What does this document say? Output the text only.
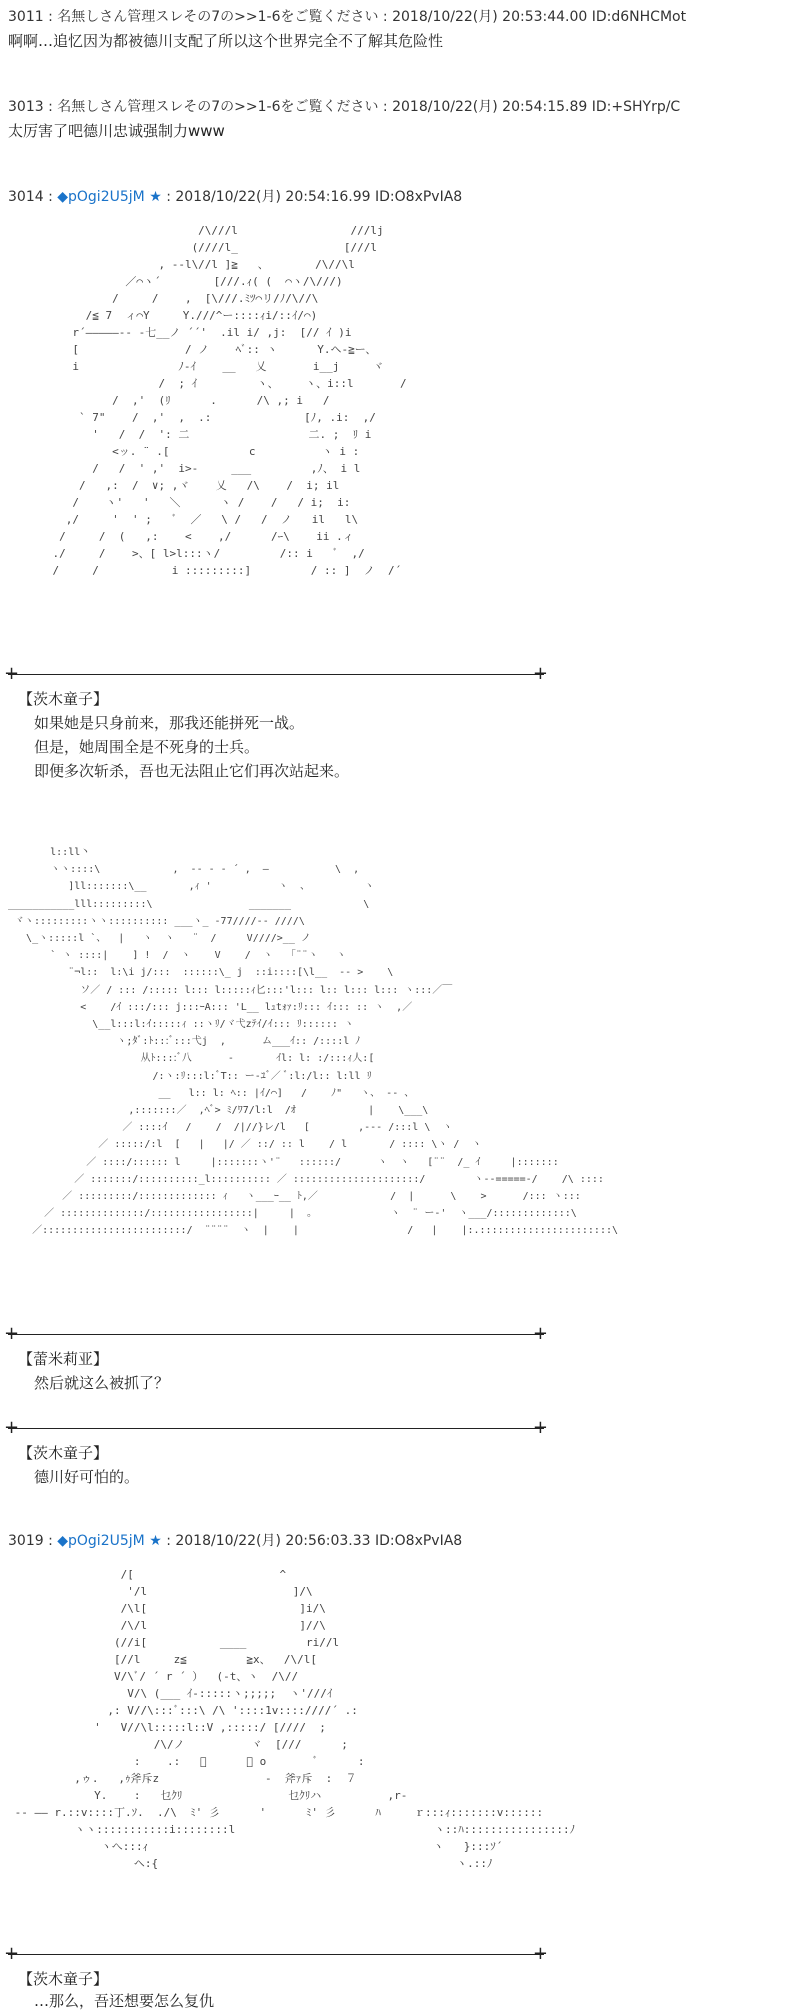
3011 : 名無しさん管理スレその7の>>1-6をご覧ください : 2018/10/22(月) 20:53:44.00 ID:d6NHCMot
啊啊…追忆因为都被德川支配了所以这个世界完全不了解其危险性
3013 : 名無しさん管理スレその7の>>1-6をご覧ください : 2018/10/22(月) 20:54:15.89 ID:+SHYrp/C
太厉害了吧德川忠诚强制力www
3014 : ◆pOgi2U5jM ★ : 2018/10/22(月) 20:54:16.99 ID:O8xPvIA8
/\///l                 ///lj
(////l_                [///l
, --l\//l ]≧   、       /\//\l
／⌒ヽ´        [///.ｨ( (  ⌒ヽ/\///)
/     /    ,  [\///.ﾐﾂ⌒リ/ﾉ/\//\
/≦ 7  ィ⌒Y     Y.///^ー::::ｨi/::ｲ/⌒)
r´―――――‐‐ ‐七__ノ ´´'  .il i/ ,j:  [// ｲ )i
[                / ノ    ﾍﾞ:: ヽ      Y.ヘ‐≧ー、
i               ﾉ-ｲ    __   乂       i__j     ヾ
/  ; ｲ         ヽ、    ヽ、i::l       /
/  ,'  (ﾘ      .      /\ ,; i   /
` 7"    /  ,'  ,  .:              [ﾉ, .i:  ,/
'   /  /  ': 二                  二. ;  ﾘ i
<ッ. ¨ .[            c          ヽ i :
/   /  ' ,'  i>-     ___         ,ﾉ、 i l
/   ,:  /  ∨; ,ヾ    乂   /\    /  i; il
/    ヽ'   '   ＼      ヽ /    /   / i;  i:
,/     '  ' ;   ﾞ  ／   \ /   /  ノ   il   l\
/     /  (   ,:    <    ,/      /ｰ\    ii .ィ
./     /    >、[ l>l:::ヽ/         /:: i   ﾞ  ,/
/     /           i :::::::::]         / :: ]  ノ  /´
+	+
【茨木童子】
如果她是只身前来，那我还能拼死一战。
但是，她周围全是不死身的士兵。
即便多次斩杀，吾也无法阻止它们再次站起来。
l::ll丶
ヽヽ::::\            ,  -- ‐ ‐ ´ ,  ―           \  ,
]ll:::::::\__       ,ｨ '           ヽ  、         ヽ
___________lll:::::::::\                _______            \
ヾヽ:::::::::ヽヽ:::::::::: ___ヽ_ -77////-- ////\
\_ヽ:::::l `、  |   ヽ  ヽ   ¨  /     V////>__ ノ
` ヽ ::::|    ] !  /  ヽ    V    /  ヽ   ｢¨¨ヽ   ヽ
¨¬l::  l:\i j/:::  ::::::\_ j  ::i::::[\l__  -- >    \
ソ／ / ::: /::::: l::: l:::::ｨ匕:::'l::: l:: l::: l::: ヽ:::／￣
<    /ｲ :::/::: j:::ｰA::: 'L__ lｭtｫｧ:ﾘ::: ｲ::: :: ヽ  ,／
\__l:::l:ｲ:::::ｨ ::ヽﾘ/ヾ弋zﾃｲ/ｲ::: ﾘ:::::: ヽ
ヽ;ﾀﾞ:ﾄ:::ﾞ:::弋j  ,      ム___ｲ:: /::::l ﾉ
从ﾄ::::ﾞ八      -       ｲl: l: :/:::ｨ人:[
/:ヽ:ﾘ:::l:ﾞT:: ー‐ﾕﾞ／ ﾞ:l:/l:: l:ll ﾘ
__   l:: l: ﾍ:: |ｲ/⌒]   /    ﾉ"   ヽ、 -- 、
,:::::::／  ,ﾍﾞ> ﾐ/ﾜ7/l:l  /ｵ            |    \___\
／ ::::ｲ   /    /  /|//}レ/l   [        ,--- /:::l \  ヽ
／ :::::/:l  [   |   |/ ／ ::/ :: l    / l       / :::: \ヽ /  ヽ
／ ::::/:::::: l     |:::::::ヽ'¨   ::::::/      ヽ  ヽ   [¨¨  /_ ｲ     |:::::::
／ :::::::/::::::::::_l:::::::::: ／ :::::::::::::::::::::/        ヽ--=====-/    /\ ::::
／ :::::::::/::::::::::::: ｨ   ヽ___ｰ__ ﾄ,／            /  |      \    >      /::: ヽ:::
／ ::::::::::::::/:::::::::::::::::|     |  ｡             ヽ  ¨ ー‐'  ヽ___/:::::::::::::\
／::::::::::::::::::::::::/  ¨¨¨¨  ヽ  |    |                  /   |    |:.::::::::::::::::::::::\
+	+
【蕾米莉亚】
然后就这么被抓了？
+	+
【茨木童子】
德川好可怕的。
3019 : ◆pOgi2U5jM ★ : 2018/10/22(月) 20:56:03.33 ID:O8xPvIA8
/[                      ^
'/l                      ]/\
/\l[                       ]i/\
/\/l                       ]//\
(//i[           ____         ri//l
[//l     z≦         ≧x、  /\/l[
V/\ﾞ/ ´ r ´ ）  (-t、ヽ  /\//
V/\ (___ ｲ-:::::ヽ;;;;;  ヽ'///ｲ
,: V//\:::ﾞ:::\ /\ '::::1v::::////´ .:
'   V//\l:::::l::V ,:::::/ [////  ;
/\/ノ          ヾ  [///      ;
:    .:   ﾞ      ﾞ o       ﾞ      :
,ゥ.   ,ｩ斧斥z                -  斧ｧ斥  :  ７
Y.    :   乜ｸﾘ                乜ｸﾘハ          ,r‐
‐‐ ―― r.::v::::丁.ｿ.  ./\  ﾐ' 彡      '      ﾐ' 彡      ﾊ     ｒ:::ｨ:::::::v::::::
ヽヽ:::::::::::i::::::::l                              ヽ::ﾊ::::::::::::::::ﾉ
ヽへ:::ｨ                                           ヽ   }:::ｿ´
ヘ:{                                             ヽ.::ﾉ
+	+
【茨木童子】
…那么，吾还想要怎么复仇
